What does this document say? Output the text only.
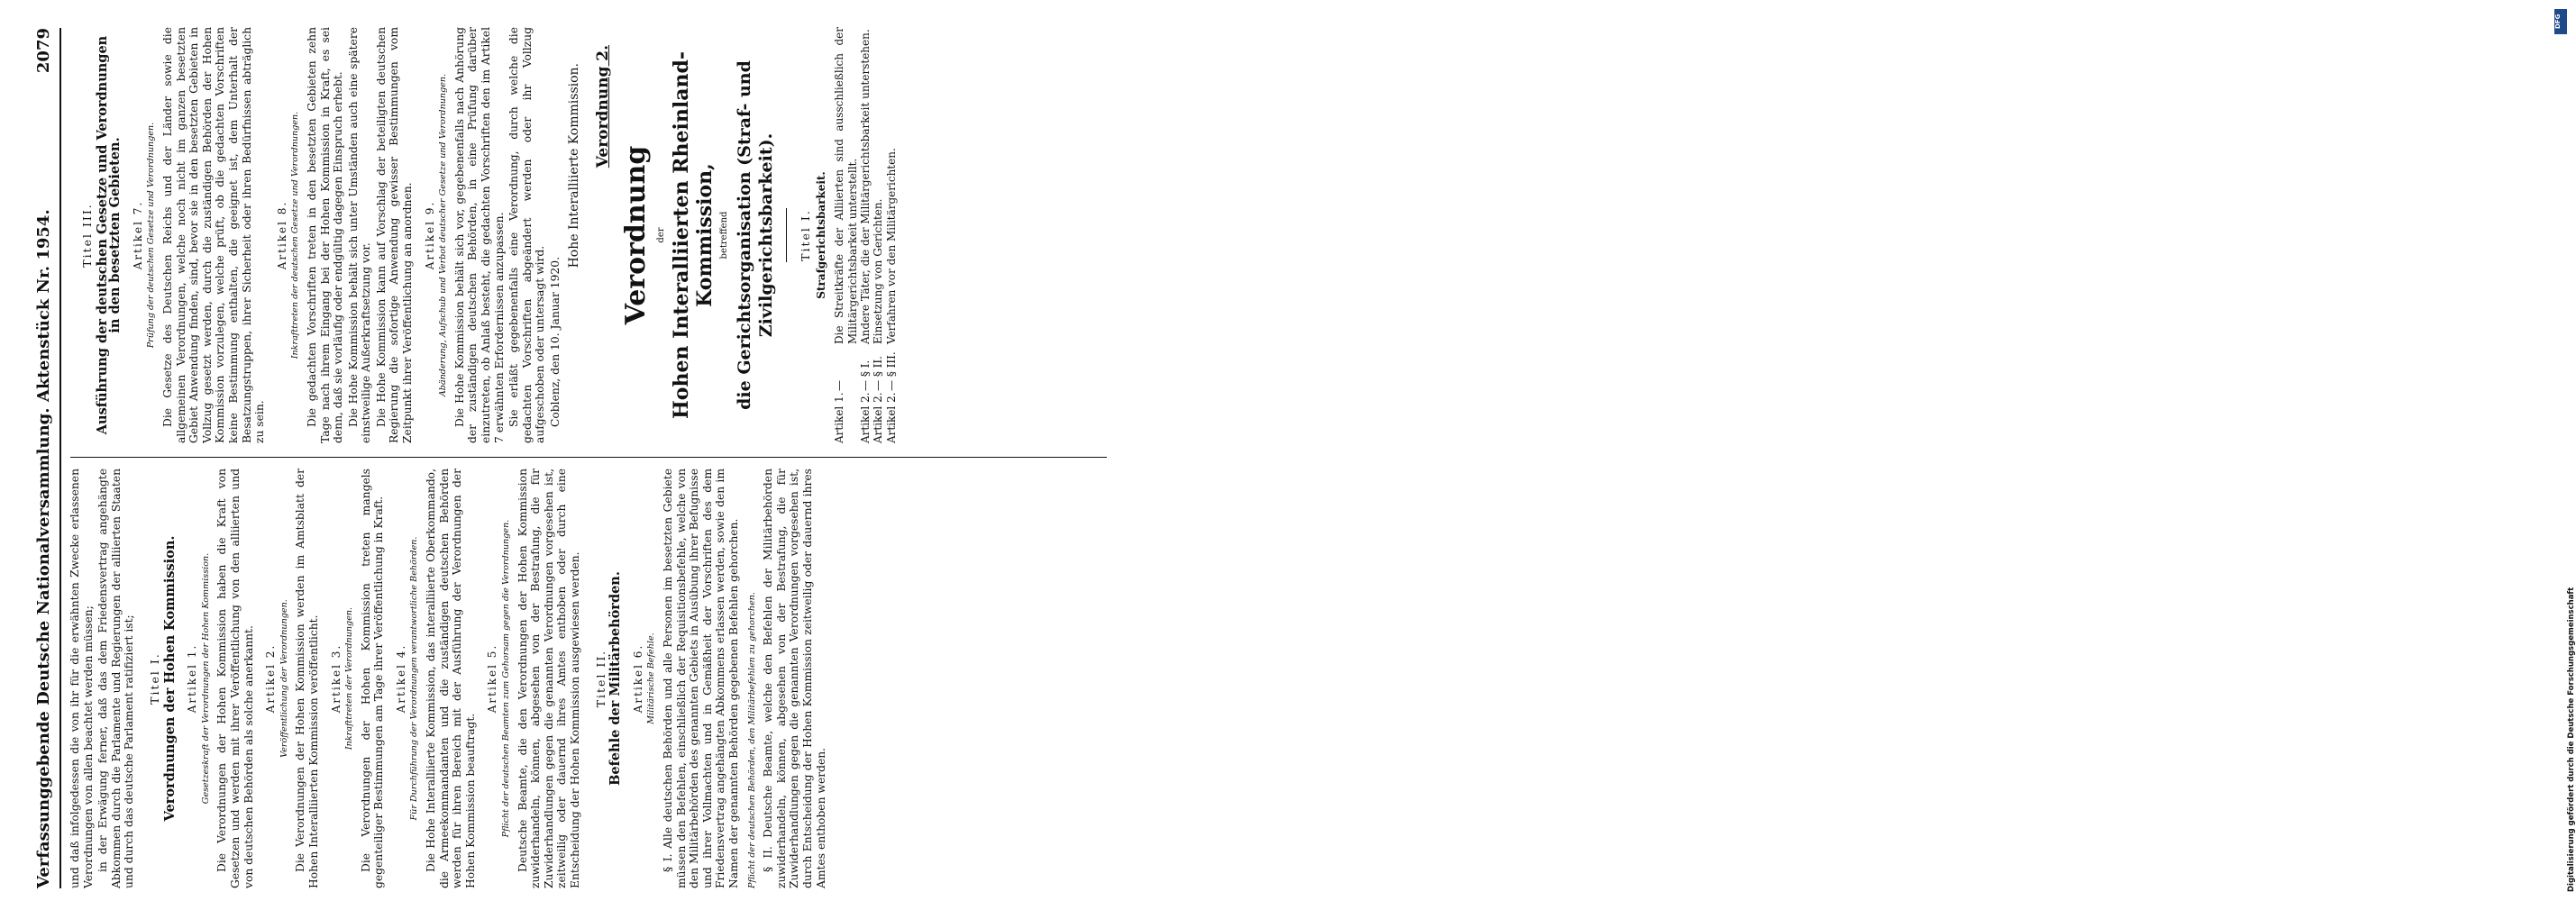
Verfassunggebende Deutsche Nationalversammlung.
Aktenstück Nr. 1954.
2079
und daß infolgedessen die von ihr für die erwähnten Zwecke erlassenen Verordnungen von allen beachtet werden müssen; in der Erwägung ferner, daß das dem Friedensvertrag angehängte Abkommen durch die Parlamente und Regierungen der alliierten Staaten und durch das deutsche Parlament ratifiziert ist; Titel I. Verordnungen der Hohen Kommission. Artikel 1. Gesetzeskraft der Verordnungen der Hohen Kommission. Die Verordnungen der Hohen Kommission haben die Kraft von Gesetzen und werden mit ihrer Veröffentlichung von den alliierten und von deutschen Behörden als solche anerkannt. Artikel 2. Veröffentlichung der Verordnungen. Die Verordnungen der Hohen Kommission werden im Amtsblatt der Hohen Interalliierten Kommission veröffentlicht. Artikel 3. Inkrafttreten der Verordnungen. Die Verordnungen der Hohen Kommission treten mangels gegenteiliger Bestimmungen am Tage ihrer Veröffentlichung in Kraft. Artikel 4. Für Durchführung der Verordnungen verantwortliche Behörden. Die Hohe Interalliierte Kommission, das interalliierte Oberkommando, die Armeekommandanten und die zuständigen deutschen Behörden werden für ihren Bereich mit der Ausführung der Verordnungen der Hohen Kommission beauftragt.
Artikel 5. Pflicht der deutschen Beamten zum Gehorsam gegen die Verordnungen. Deutsche Beamte, die den Verordnungen der Hohen Kommission zuwiderhandeln, können, abgesehen von der Bestrafung, die für Zuwiderhandlungen gegen die genannten Verordnungen vorgesehen ist, zeitweilig oder dauernd ihres Amtes enthoben oder durch eine Entscheidung der Hohen Kommission ausgewiesen werden. Titel II. Befehle der Militärbehörden. Artikel 6. Militärische Befehle. § I. Alle deutschen Behörden und alle Personen im besetzten Gebiete müssen den Befehlen, einschließlich der Requisitionsbefehle, welche von den Militärbehörden des genannten Gebiets in Ausübung ihrer Befugnisse und ihrer Vollmachten und in Gemäßheit der Vorschriften des dem Friedensvertrag angehängten Abkommens erlassen werden, sowie den im Namen der genannten Behörden gegebenen Befehlen gehorchen. Pflicht der deutschen Behörden, den Militärbefehlen zu gehorchen. § II. Deutsche Beamte, welche den Befehlen der Militärbehörden zuwiderhandeln, können, abgesehen von der Bestrafung, die für Zuwiderhandlungen gegen die genannten Verordnungen vorgesehen ist, durch Entscheidung der Hohen Kommission zeitweilig oder dauernd ihres Amtes enthoben werden.
Titel III. Ausführung der deutschen Gesetze und Verordnungen in den besetzten Gebieten. Artikel 7. Prüfung der deutschen Gesetze und Verordnungen. Die Gesetze des Deutschen Reichs und der Länder sowie die allgemeinen Verordnungen, welche noch nicht im ganzen besetzten Gebiet Anwendung finden, sind, bevor sie in den besetzten Gebieten in Vollzug gesetzt werden, durch die zuständigen Behörden der Hohen Kommission vorzulegen, welche prüft, ob die gedachten Vorschriften keine Bestimmung enthalten, die geeignet ist, dem Unterhalt der Besatzungstruppen, ihrer Sicherheit oder ihren Bedürfnissen abträglich zu sein.
Artikel 8. Inkrafttreten der deutschen Gesetze und Verordnungen. Die gedachten Vorschriften treten in den besetzten Gebieten zehn Tage nach ihrem Eingang bei der Hohen Kommission in Kraft, es sei denn, daß sie vorläufig oder endgültig dagegen Einspruch erhebt. Die Hohe Kommission behält sich unter Umständen auch eine spätere einstweilige Außerkraftsetzung vor. Die Hohe Kommission kann auf Vorschlag der beteiligten deutschen Regierung die sofortige Anwendung gewisser Bestimmungen vom Zeitpunkt ihrer Veröffentlichung an anordnen. Artikel 9. Abänderung, Aufschub und Verbot deutscher Gesetze und Verordnungen. Die Hohe Kommission behält sich vor, gegebenenfalls nach Anhörung der zuständigen deutschen Behörden, in eine Prüfung darüber einzutreten, ob Anlaß besteht, die gedachten Vorschriften den im Artikel 7 erwähnten Erfordernissen anzupassen. Sie erläßt gegebenenfalls eine Verordnung, durch welche die gedachten Vorschriften abgeändert werden oder ihr Vollzug aufgeschoben oder untersagt wird. Coblenz, den 10. Januar 1920.
Hohe Interalliierte Kommission. Verordnung 2.
Verordnung der Hohen Interalliierten Rheinland-Kommission, betreffend die Gerichtsorganisation (Straf- und Zivilgerichtsbarkeit). Titel I. Strafgerichtsbarkeit.
Artikel 1.
—
Die Streitkräfte der Alliierten sind ausschließlich der Militärgerichtsbarkeit unterstellt.
Artikel 2.
— § I.
Andere Täter, die der Militärgerichtsbarkeit unterstehen.
Artikel 2.
— § II.
Einsetzung von Gerichten.
Artikel 2.
— § III.
Verfahren vor den Militärgerichten.
DFG
Digitalisierung gefördert durch die Deutsche Forschungsgemeinschaft
